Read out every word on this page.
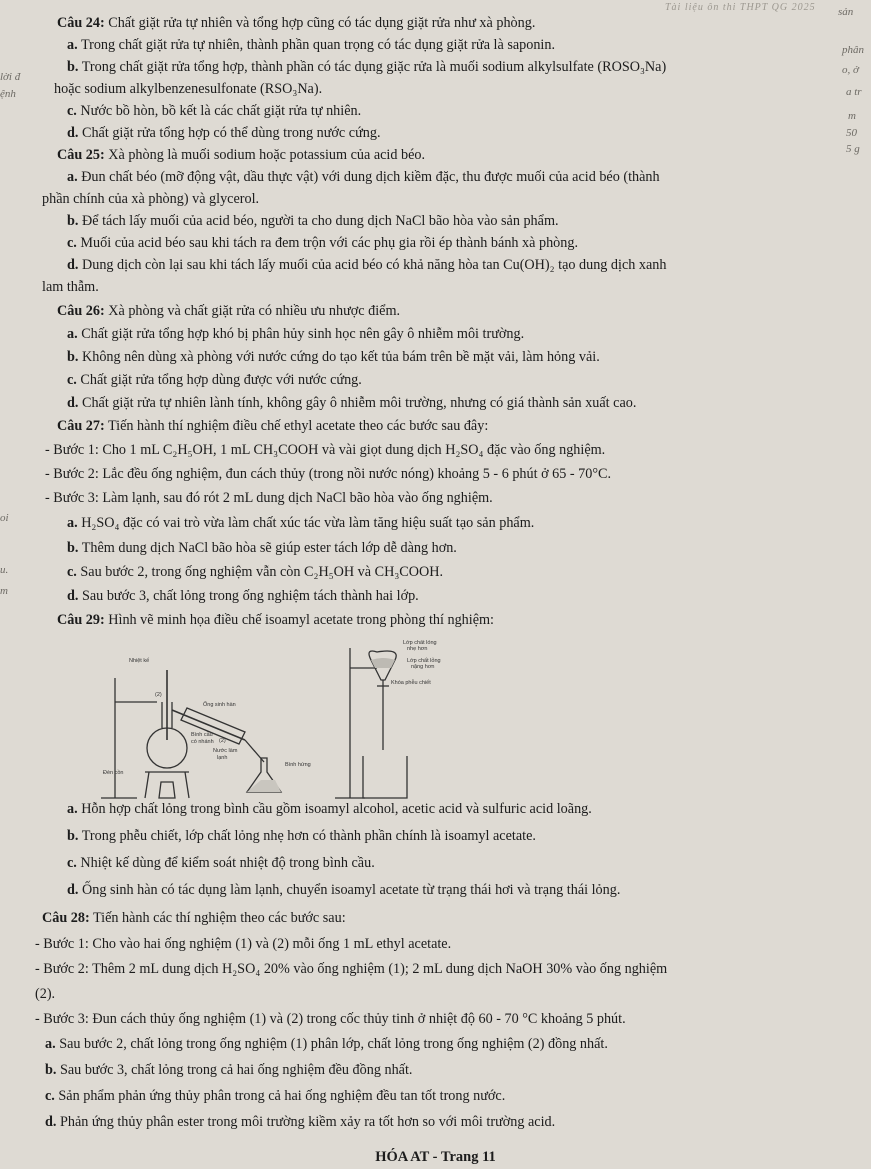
Tài liệu ôn thi THPT QG 2025 sản
lời đ
ệnh
oi
u.
m
phân
o, ở
a tr
m
50
5 g
Câu 24: Chất giặt rửa tự nhiên và tổng hợp cũng có tác dụng giặt rửa như xà phòng.
a. Trong chất giặt rửa tự nhiên, thành phần quan trọng có tác dụng giặt rửa là saponin.
b. Trong chất giặt rửa tổng hợp, thành phần có tác dụng giặc rửa là muối sodium alkylsulfate (ROSO₃Na)
hoặc sodium alkylbenzenesulfonate (RSO₃Na).
c. Nước bồ hòn, bồ kết là các chất giặt rửa tự nhiên.
d. Chất giặt rửa tổng hợp có thể dùng trong nước cứng.
Câu 25: Xà phòng là muối sodium hoặc potassium của acid béo.
a. Đun chất béo (mỡ động vật, dầu thực vật) với dung dịch kiềm đặc, thu được muối của acid béo (thành
phần chính của xà phòng) và glycerol.
b. Để tách lấy muối của acid béo, người ta cho dung dịch NaCl bão hòa vào sản phẩm.
c. Muối của acid béo sau khi tách ra đem trộn với các phụ gia rồi ép thành bánh xà phòng.
d. Dung dịch còn lại sau khi tách lấy muối của acid béo có khả năng hòa tan Cu(OH)₂ tạo dung dịch xanh
lam thẫm.
Câu 26: Xà phòng và chất giặt rửa có nhiều ưu nhược điểm.
a. Chất giặt rửa tổng hợp khó bị phân hủy sinh học nên gây ô nhiễm môi trường.
b. Không nên dùng xà phòng với nước cứng do tạo kết tủa bám trên bề mặt vải, làm hỏng vải.
c. Chất giặt rửa tổng hợp dùng được với nước cứng.
d. Chất giặt rửa tự nhiên lành tính, không gây ô nhiễm môi trường, nhưng có giá thành sản xuất cao.
Câu 27: Tiến hành thí nghiệm điều chế ethyl acetate theo các bước sau đây:
- Bước 1: Cho 1 mL C₂H₅OH, 1 mL CH₃COOH và vài giọt dung dịch H₂SO₄ đặc vào ống nghiệm.
- Bước 2: Lắc đều ống nghiệm, đun cách thủy (trong nồi nước nóng) khoảng 5 - 6 phút ở 65 - 70°C.
- Bước 3: Làm lạnh, sau đó rót 2 mL dung dịch NaCl bão hòa vào ống nghiệm.
a. H₂SO₄ đặc có vai trò vừa làm chất xúc tác vừa làm tăng hiệu suất tạo sản phẩm.
b. Thêm dung dịch NaCl bão hòa sẽ giúp ester tách lớp dễ dàng hơn.
c. Sau bước 2, trong ống nghiệm vẫn còn C₂H₅OH và CH₃COOH.
d. Sau bước 3, chất lỏng trong ống nghiệm tách thành hai lớp.
Câu 29: Hình vẽ minh họa điều chế isoamyl acetate trong phòng thí nghiệm:
Nhiệt kế
(2)
Ống sinh hàn
Bình cầu
có nhánh
Nước làm
lạnh
(2)
Đèn cồn
Bình hứng
Lớp chất lỏng
nhẹ hơn
Lớp chất lỏng
nặng hơn
Khóa phễu chiết
a. Hỗn hợp chất lỏng trong bình cầu gồm isoamyl alcohol, acetic acid và sulfuric acid loãng.
b. Trong phễu chiết, lớp chất lỏng nhẹ hơn có thành phần chính là isoamyl acetate.
c. Nhiệt kế dùng để kiểm soát nhiệt độ trong bình cầu.
d. Ống sinh hàn có tác dụng làm lạnh, chuyển isoamyl acetate từ trạng thái hơi và trạng thái lỏng.
Câu 28: Tiến hành các thí nghiệm theo các bước sau:
- Bước 1: Cho vào hai ống nghiệm (1) và (2) mỗi ống 1 mL ethyl acetate.
- Bước 2: Thêm 2 mL dung dịch H₂SO₄ 20% vào ống nghiệm (1); 2 mL dung dịch NaOH 30% vào ống nghiệm
(2).
- Bước 3: Đun cách thủy ống nghiệm (1) và (2) trong cốc thủy tinh ở nhiệt độ 60 - 70 °C khoảng 5 phút.
a. Sau bước 2, chất lỏng trong ống nghiệm (1) phân lớp, chất lỏng trong ống nghiệm (2) đồng nhất.
b. Sau bước 3, chất lỏng trong cả hai ống nghiệm đều đồng nhất.
c. Sản phẩm phản ứng thủy phân trong cả hai ống nghiệm đều tan tốt trong nước.
d. Phản ứng thủy phân ester trong môi trường kiềm xảy ra tốt hơn so với môi trường acid.
HÓA AT - Trang 11
